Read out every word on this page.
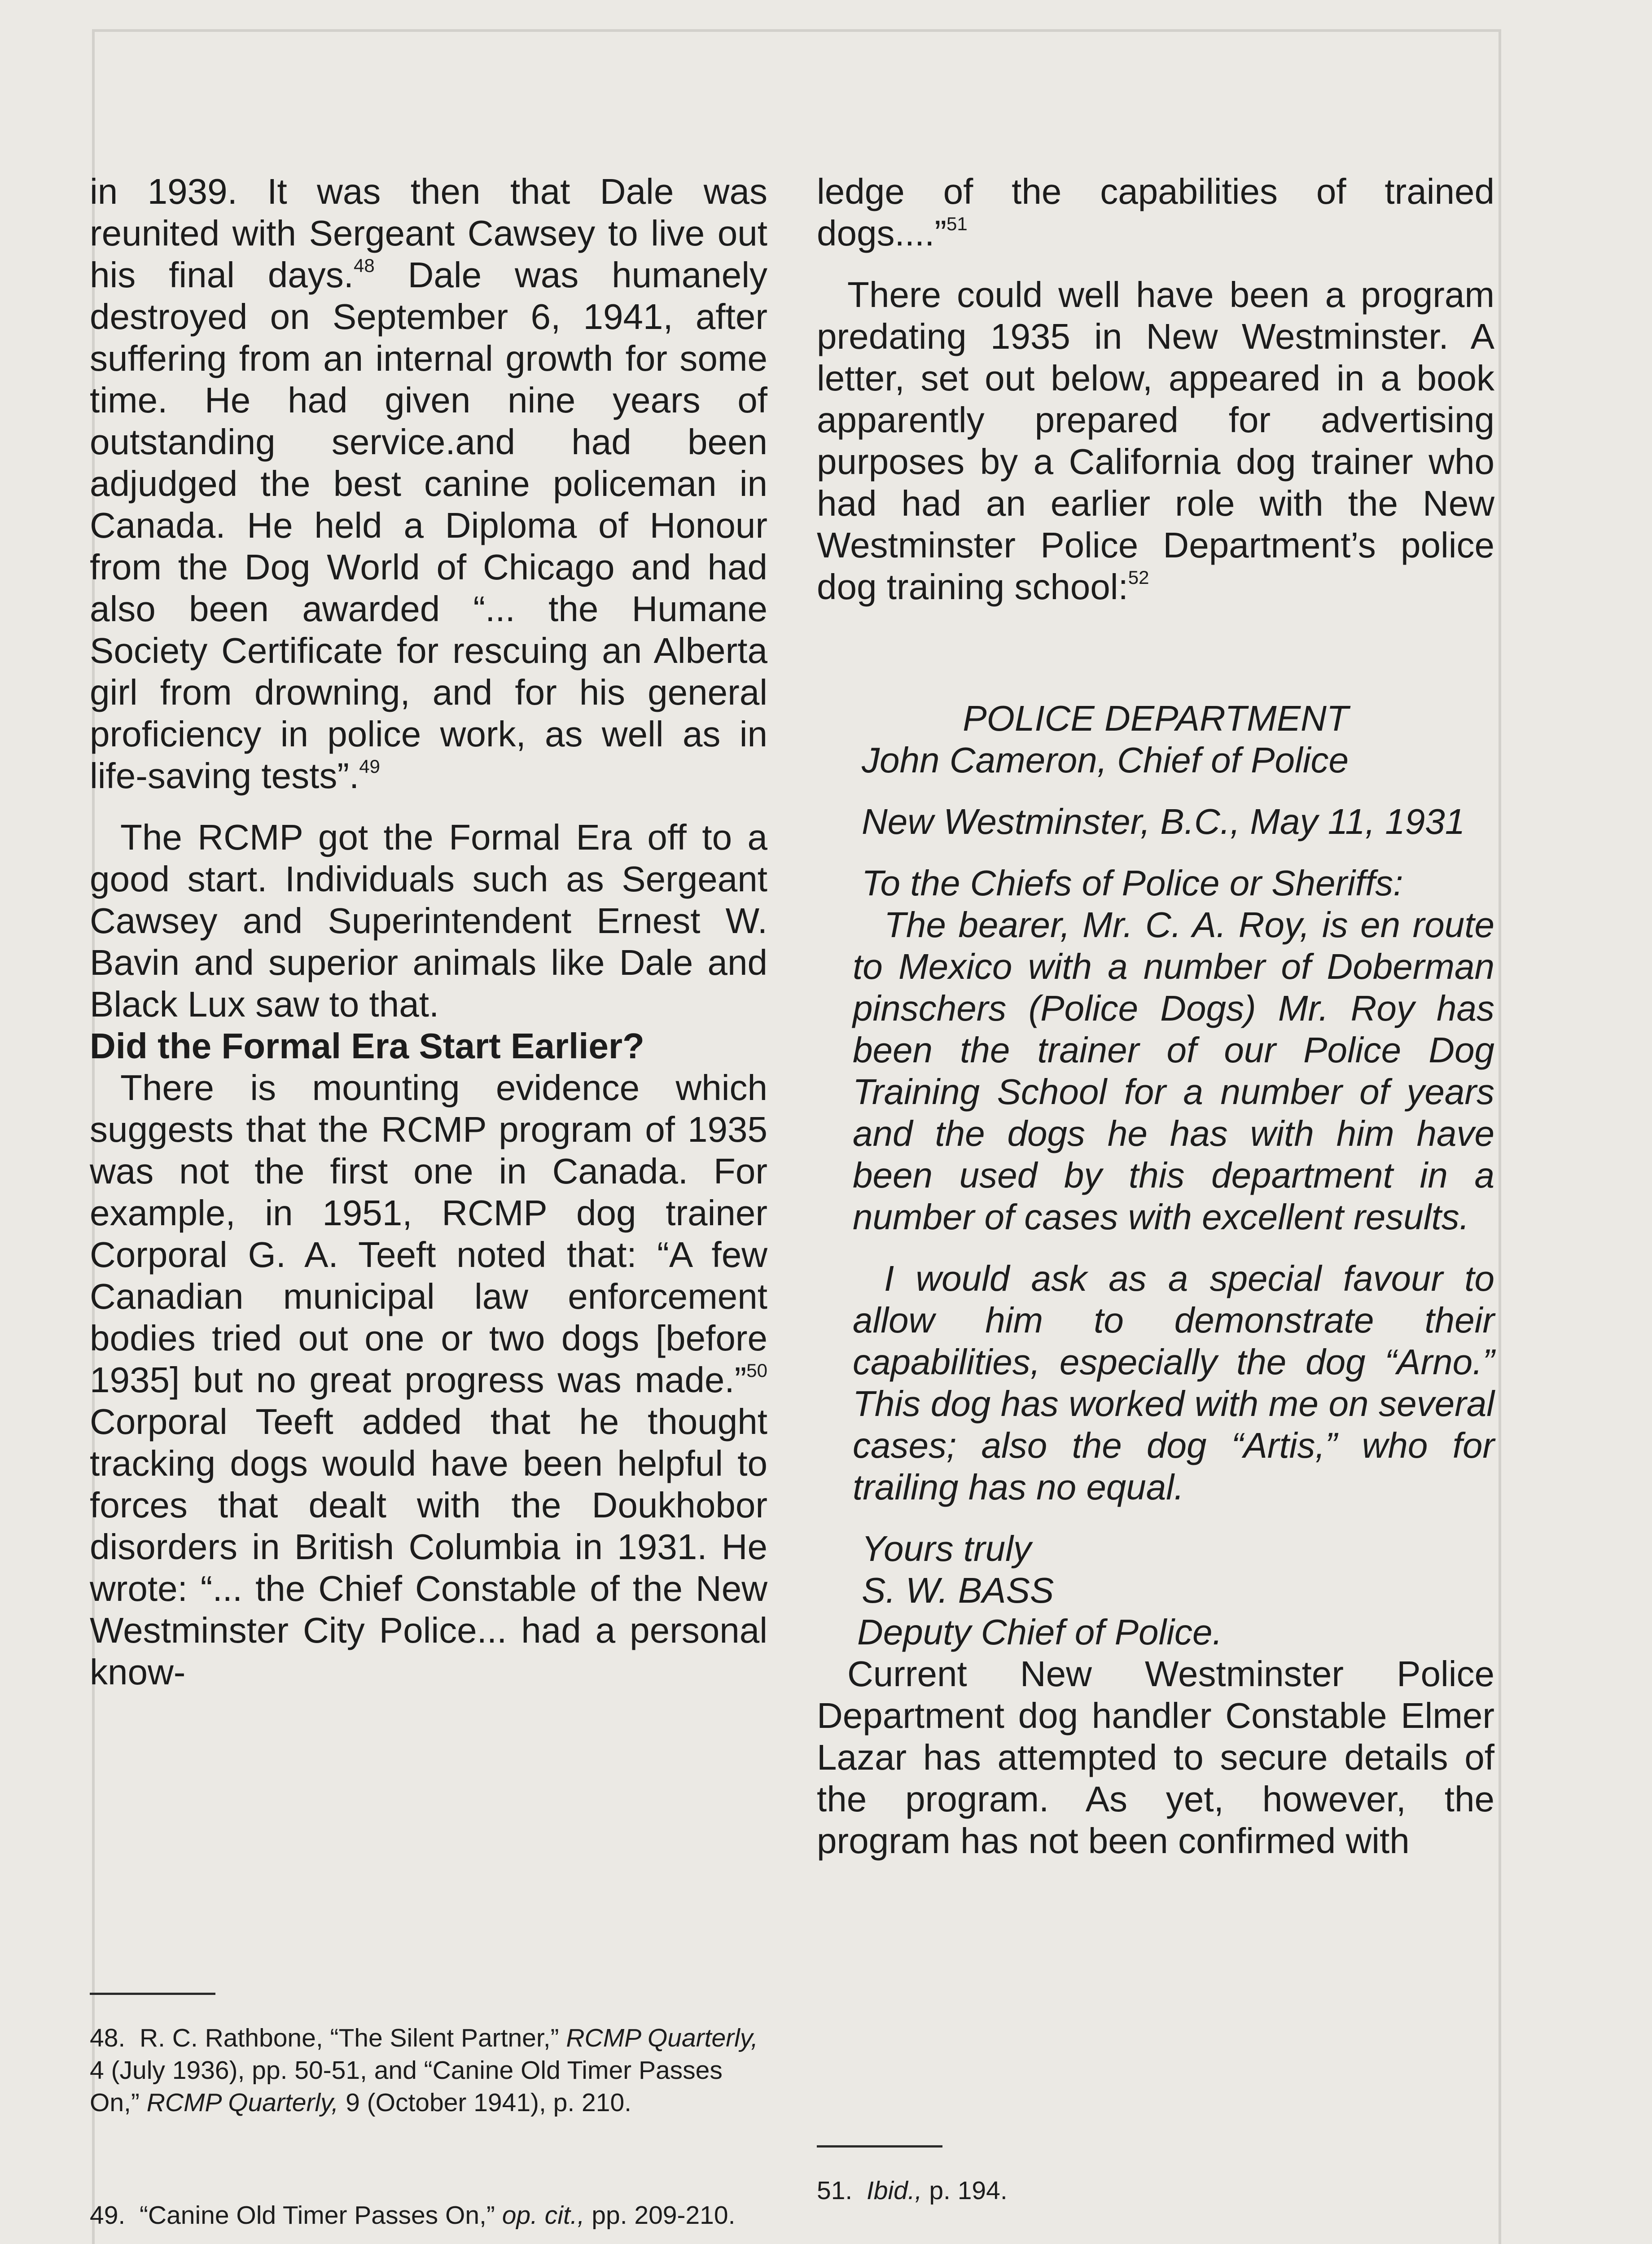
in 1939. It was then that Dale was reunited with Sergeant Cawsey to live out his final days.$^{48}$ Dale was humanely destroyed on September 6, 1941, after suffering from an internal growth for some time. He had given nine years of outstanding service.and had been adjudged the best canine policeman in Canada. He held a Diploma of Honour from the Dog World of Chicago and had also been awarded “... the Humane Society Certificate for rescuing an Alberta girl from drowning, and for his general proficiency in police work, as well as in life-saving tests”.$^{49}$

The RCMP got the Formal Era off to a good start. Individuals such as Sergeant Cawsey and Superintendent Ernest W. Bavin and superior animals like Dale and Black Lux saw to that.

Did the Formal Era Start Earlier?

There is mounting evidence which suggests that the RCMP program of 1935 was not the first one in Canada. For example, in 1951, RCMP dog trainer Corporal G. A. Teeft noted that: “A few Canadian municipal law enforcement bodies tried out one or two dogs [before 1935] but no great progress was made.”$^{50}$ Corporal Teeft added that he thought tracking dogs would have been helpful to forces that dealt with the Doukhobor disorders in British Columbia in 1931. He wrote: “... the Chief Constable of the New Westminster City Police... had a personal know-

48. R. C. Rathbone, “The Silent Partner,” RCMP Quarterly, 4 (July 1936), pp. 50-51, and “Canine Old Timer Passes On,” RCMP Quarterly, 9 (October 1941), p. 210.
49. “Canine Old Timer Passes On,” op. cit., pp. 209-210.

ledge of the capabilities of trained dogs....”$^{51}$

There could well have been a program predating 1935 in New Westminster. A letter, set out below, appeared in a book apparently prepared for advertising purposes by a California dog trainer who had had an earlier role with the New Westminster Police Department’s police dog training school:$^{52}$

POLICE DEPARTMENT

John Cameron, Chief of Police

New Westminster, B.C., May 11, 1931

To the Chiefs of Police or Sheriffs:

The bearer, Mr. C. A. Roy, is en route to Mexico with a number of Doberman pinschers (Police Dogs) Mr. Roy has been the trainer of our Police Dog Training School for a number of years and the dogs he has with him have been used by this department in a number of cases with excellent results.

I would ask as a special favour to allow him to demonstrate their capabilities, especially the dog “Arno.” This dog has worked with me on several cases; also the dog “Artis,” who for trailing has no equal.

Yours truly

S. W. BASS

Deputy Chief of Police.

Current New Westminster Police Department dog handler Constable Elmer Lazar has attempted to secure details of the program. As yet, however, the program has not been confirmed with

51. Ibid., p. 194.
